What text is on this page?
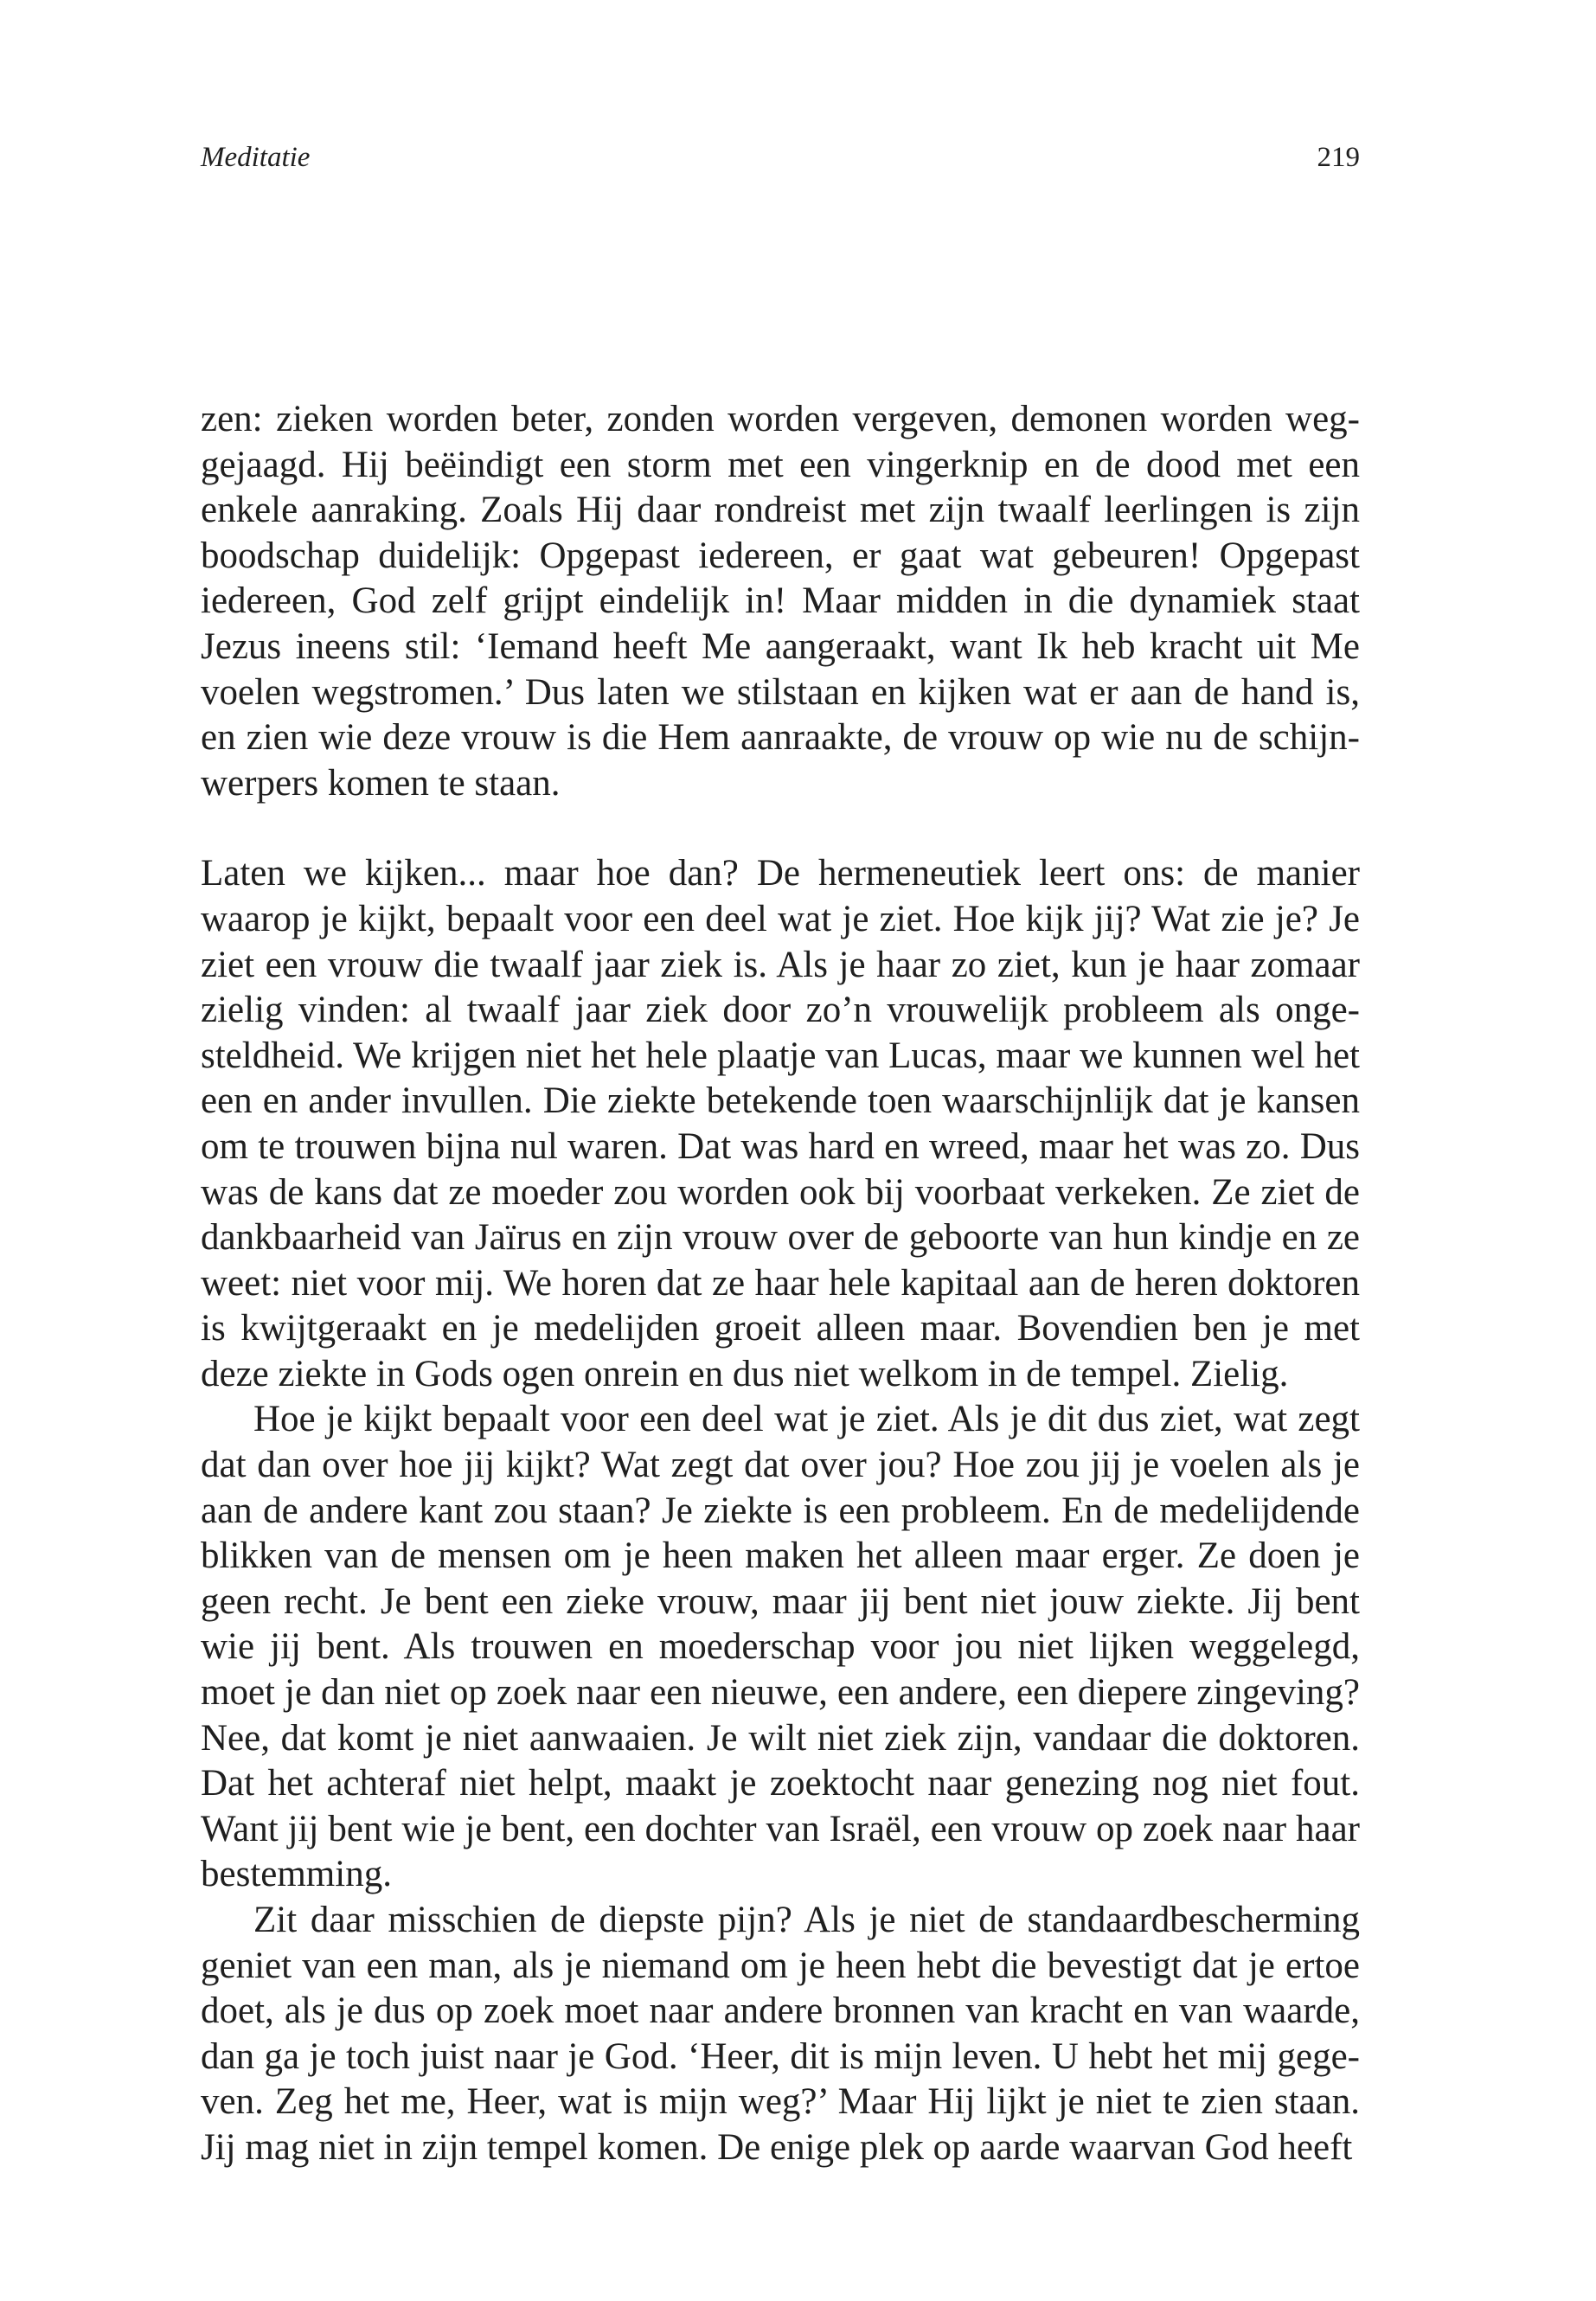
Meditatie	219

zen: zieken worden beter, zonden worden vergeven, demonen worden weggejaagd. Hij beëindigt een storm met een vingerknip en de dood met een enkele aanraking. Zoals Hij daar rondreist met zijn twaalf leerlingen is zijn boodschap duidelijk: Opgepast iedereen, er gaat wat gebeuren! Opgepast iedereen, God zelf grijpt eindelijk in! Maar midden in die dynamiek staat Jezus ineens stil: ‘Iemand heeft Me aangeraakt, want Ik heb kracht uit Me voelen wegstromen.’ Dus laten we stilstaan en kijken wat er aan de hand is, en zien wie deze vrouw is die Hem aanraakte, de vrouw op wie nu de schijnwerpers komen te staan.

Laten we kijken... maar hoe dan? De hermeneutiek leert ons: de manier waarop je kijkt, bepaalt voor een deel wat je ziet. Hoe kijk jij? Wat zie je? Je ziet een vrouw die twaalf jaar ziek is. Als je haar zo ziet, kun je haar zomaar zielig vinden: al twaalf jaar ziek door zo’n vrouwelijk probleem als ongesteldheid. We krijgen niet het hele plaatje van Lucas, maar we kunnen wel het een en ander invullen. Die ziekte betekende toen waarschijnlijk dat je kansen om te trouwen bijna nul waren. Dat was hard en wreed, maar het was zo. Dus was de kans dat ze moeder zou worden ook bij voorbaat verkeken. Ze ziet de dankbaarheid van Jaïrus en zijn vrouw over de geboorte van hun kindje en ze weet: niet voor mij. We horen dat ze haar hele kapitaal aan de heren doktoren is kwijtgeraakt en je medelijden groeit alleen maar. Bovendien ben je met deze ziekte in Gods ogen onrein en dus niet welkom in de tempel. Zielig.

Hoe je kijkt bepaalt voor een deel wat je ziet. Als je dit dus ziet, wat zegt dat dan over hoe jij kijkt? Wat zegt dat over jou? Hoe zou jij je voelen als je aan de andere kant zou staan? Je ziekte is een probleem. En de medelijdende blikken van de mensen om je heen maken het alleen maar erger. Ze doen je geen recht. Je bent een zieke vrouw, maar jij bent niet jouw ziekte. Jij bent wie jij bent. Als trouwen en moederschap voor jou niet lijken weggelegd, moet je dan niet op zoek naar een nieuwe, een andere, een diepere zingeving? Nee, dat komt je niet aanwaaien. Je wilt niet ziek zijn, vandaar die doktoren. Dat het achteraf niet helpt, maakt je zoektocht naar genezing nog niet fout. Want jij bent wie je bent, een dochter van Israël, een vrouw op zoek naar haar bestemming.

Zit daar misschien de diepste pijn? Als je niet de standaardbescherming geniet van een man, als je niemand om je heen hebt die bevestigt dat je ertoe doet, als je dus op zoek moet naar andere bronnen van kracht en van waarde, dan ga je toch juist naar je God. ‘Heer, dit is mijn leven. U hebt het mij gegeven. Zeg het me, Heer, wat is mijn weg?’ Maar Hij lijkt je niet te zien staan. Jij mag niet in zijn tempel komen. De enige plek op aarde waarvan God heeft
